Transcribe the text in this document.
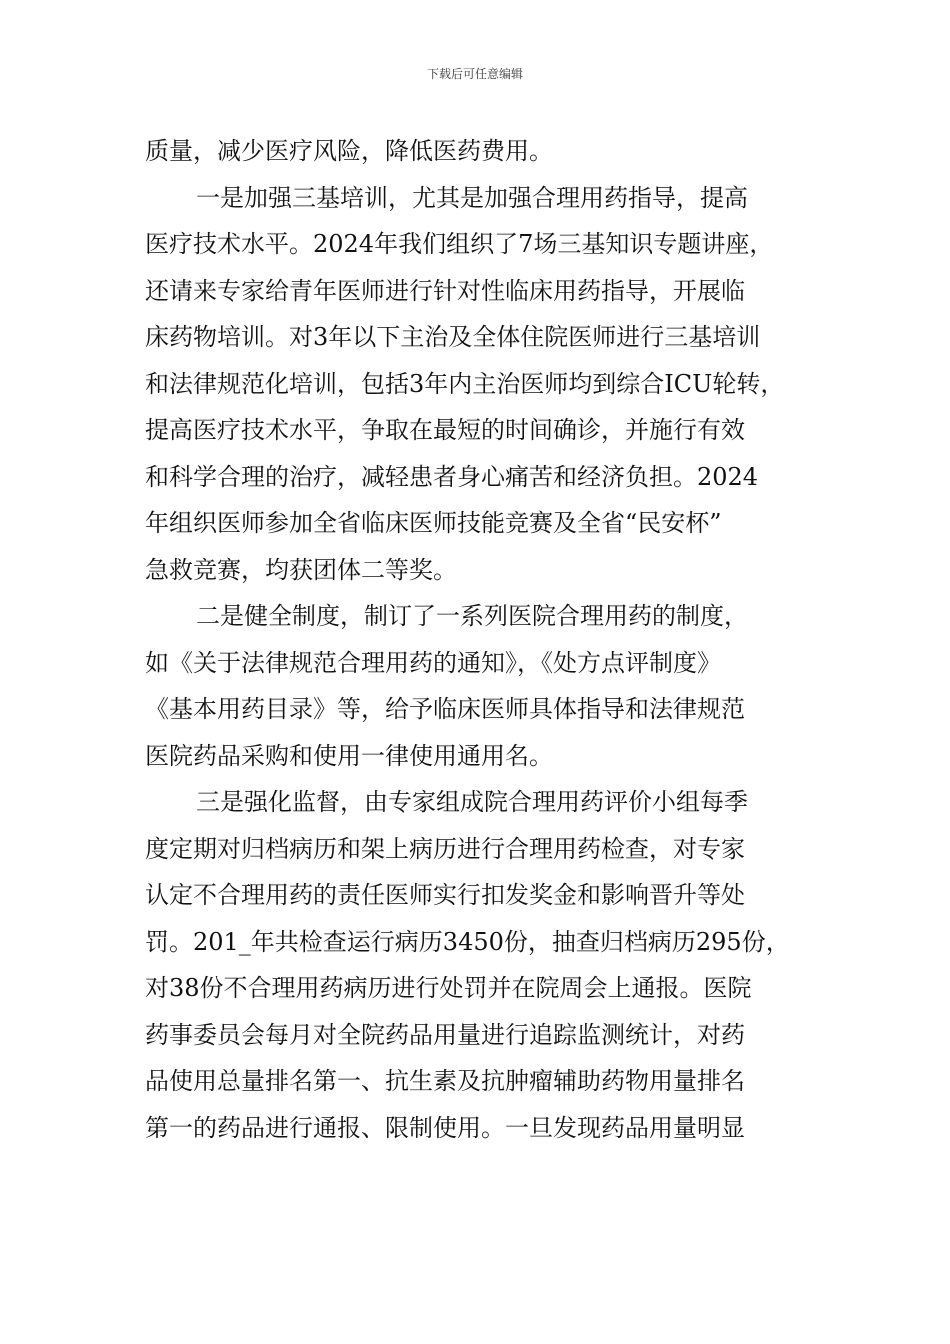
下载后可任意编辑
质量，减少医疗风险，降低医药费用。
一是加强三基培训，尤其是加强合理用药指导，提高
医疗技术水平。2024年我们组织了7场三基知识专题讲座，
还请来专家给青年医师进行针对性临床用药指导，开展临
床药物培训。对3年以下主治及全体住院医师进行三基培训
和法律规范化培训，包括3年内主治医师均到综合ICU轮转，
提高医疗技术水平，争取在最短的时间确诊，并施行有效
和科学合理的治疗，减轻患者身心痛苦和经济负担。2024
年组织医师参加全省临床医师技能竞赛及全省“民安杯”
急救竞赛，均获团体二等奖。
二是健全制度，制订了一系列医院合理用药的制度，
如《关于法律规范合理用药的通知》，《处方点评制度》
《基本用药目录》等，给予临床医师具体指导和法律规范
医院药品采购和使用一律使用通用名。
三是强化监督，由专家组成院合理用药评价小组每季
度定期对归档病历和架上病历进行合理用药检查，对专家
认定不合理用药的责任医师实行扣发奖金和影响晋升等处
罚。201_年共检查运行病历3450份，抽查归档病历295份，
对38份不合理用药病历进行处罚并在院周会上通报。医院
药事委员会每月对全院药品用量进行追踪监测统计，对药
品使用总量排名第一、抗生素及抗肿瘤辅助药物用量排名
第一的药品进行通报、限制使用。一旦发现药品用量明显
